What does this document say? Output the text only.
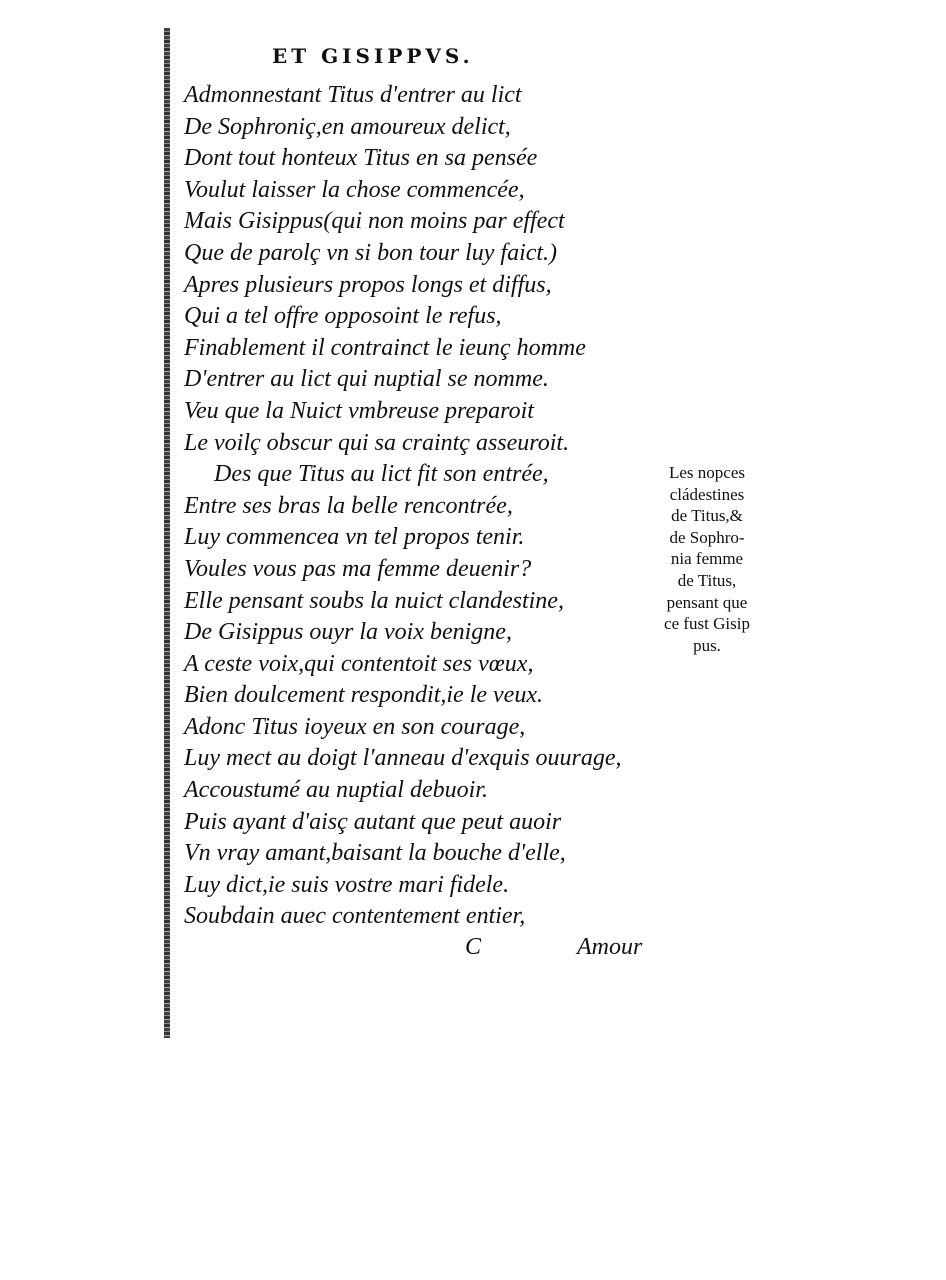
ET GISIPPVS.
Admonnestant Titus d'entrer au lict
De Sophroniç,en amoureux delict,
Dont tout honteux Titus en sa pensée
Voulut laisser la chose commencée,
Mais Gisippus(qui non moins par effect
Que de parolç vn si bon tour luy faict.)
Apres plusieurs propos longs et diffus,
Qui a tel offre opposoint le refus,
Finablement il contrainct le ieunç homme
D'entrer au lict qui nuptial se nomme.
Veu que la Nuict vmbreuse preparoit
Le voilç obscur qui sa craintç asseuroit.
Des que Titus au lict fit son entrée,
Entre ses bras la belle rencontrée,
Luy commencea vn tel propos tenir.
Voules vous pas ma femme deuenir?
Elle pensant soubs la nuict clandestine,
De Gisippus ouyr la voix benigne,
A ceste voix,qui contentoit ses vœux,
Bien doulcement respondit,ie le veux.
Adonc Titus ioyeux en son courage,
Luy mect au doigt l'anneau d'exquis ouurage,
Accoustumé au nuptial debuoir.
Puis ayant d'aisç autant que peut auoir
Vn vray amant,baisant la bouche d'elle,
Luy dict,ie suis vostre mari fidele.
Soubdain auec contentement entier,
Les nopces
cládestines
de Titus,&
de Sophro-
nia femme
de Titus,
pensant que
ce fust Gisip
pus.
C	Amour
